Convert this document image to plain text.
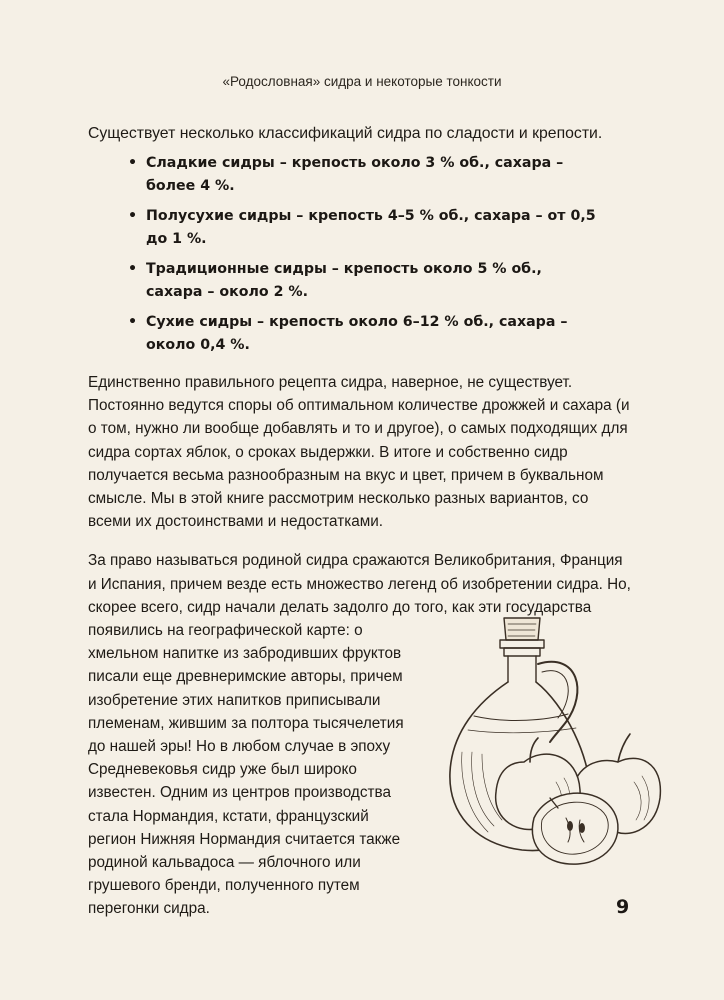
«Родословная» сидра и некоторые тонкости

Существует несколько классификаций сидра по сладости и крепости.

• Сладкие сидры – крепость около 3 % об., сахара – более 4 %.
• Полусухие сидры – крепость 4–5 % об., сахара – от 0,5 до 1 %.
• Традиционные сидры – крепость около 5 % об., сахара – около 2 %.
• Сухие сидры – крепость около 6–12 % об., сахара – около 0,4 %.

Единственно правильного рецепта сидра, наверное, не существует. Постоянно ведутся споры об оптимальном количестве дрожжей и сахара (и о том, нужно ли вообще добавлять и то и другое), о самых подходящих для сидра сортах яблок, о сроках выдержки. В итоге и собственно сидр получается весьма разнообразным на вкус и цвет, причем в буквальном смысле. Мы в этой книге рассмотрим несколько разных вариантов, со всеми их достоинствами и недостатками.

За право называться родиной сидра сражаются Великобритания, Франция и Испания, причем везде есть множество легенд об изобретении сидра. Но, скорее всего, сидр начали делать задолго до того, как эти государства

появились на географической карте: о хмельном напитке из забродивших фруктов писали еще древнеримские авторы, причем изобретение этих напитков приписывали племенам, жившим за полтора тысячелетия до нашей эры! Но в любом случае в эпоху Средневековья сидр уже был широко известен. Одним из центров производства стала Нормандия, кстати, французский регион Нижняя Нормандия считается также родиной кальвадоса — яблочного или грушевого бренди, полученного путем перегонки сидра.	9
